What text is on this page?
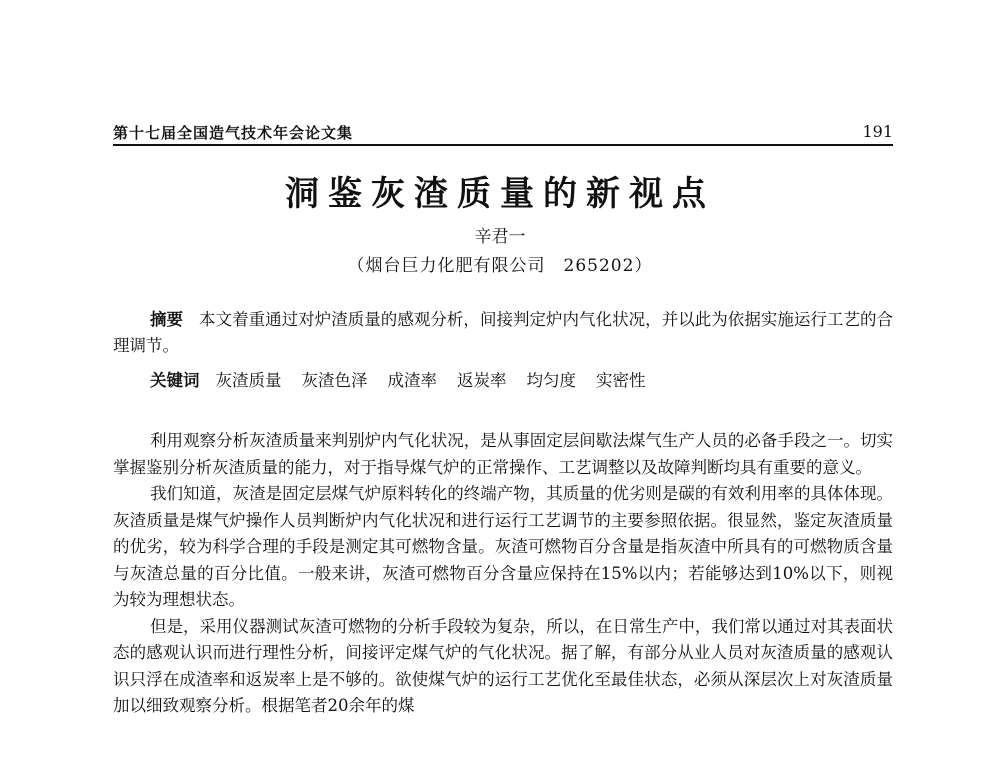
第十七届全国造气技术年会论文集	191
洞鉴灰渣质量的新视点
辛君一
（烟台巨力化肥有限公司　265202）

摘要 本文着重通过对炉渣质量的感观分析，间接判定炉内气化状况，并以此为依据实施运行工艺的合理调节。

关键词 灰渣质量 灰渣色泽 成渣率 返炭率 均匀度 实密性

利用观察分析灰渣质量来判别炉内气化状况，是从事固定层间歇法煤气生产人员的必备手段之一。切实掌握鉴别分析灰渣质量的能力，对于指导煤气炉的正常操作、工艺调整以及故障判断均具有重要的意义。

我们知道，灰渣是固定层煤气炉原料转化的终端产物，其质量的优劣则是碳的有效利用率的具体体现。灰渣质量是煤气炉操作人员判断炉内气化状况和进行运行工艺调节的主要参照依据。很显然，鉴定灰渣质量的优劣，较为科学合理的手段是测定其可燃物含量。灰渣可燃物百分含量是指灰渣中所具有的可燃物质含量与灰渣总量的百分比值。一般来讲，灰渣可燃物百分含量应保持在15%以内；若能够达到10%以下，则视为较为理想状态。

但是，采用仪器测试灰渣可燃物的分析手段较为复杂，所以，在日常生产中，我们常以通过对其表面状态的感观认识而进行理性分析，间接评定煤气炉的气化状况。据了解，有部分从业人员对灰渣质量的感观认识只浮在成渣率和返炭率上是不够的。欲使煤气炉的运行工艺优化至最佳状态，必须从深层次上对灰渣质量加以细致观察分析。根据笔者20余年的煤
